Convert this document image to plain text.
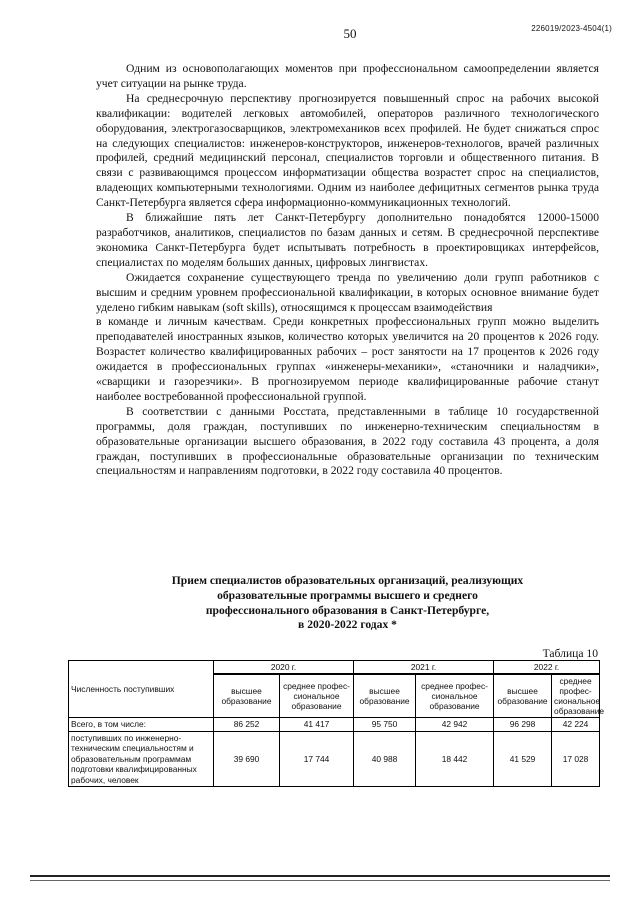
50	226019/2023-4504(1)

Одним из основополагающих моментов при профессиональном самоопределении является учет ситуации на рынке труда.

На среднесрочную перспективу прогнозируется повышенный спрос на рабочих высокой квалификации: водителей легковых автомобилей, операторов различного технологического оборудования, электрогазосварщиков, электромехаников всех профилей. Не будет снижаться спрос на следующих специалистов: инженеров-конструкторов, инженеров-технологов, врачей различных профилей, средний медицинский персонал, специалистов торговли и общественного питания. В связи с развивающимся процессом информатизации общества возрастет спрос на специалистов, владеющих компьютерными технологиями. Одним из наиболее дефицитных сегментов рынка труда Санкт-Петербурга является сфера информационно-коммуникационных технологий.

В ближайшие пять лет Санкт-Петербургу дополнительно понадобятся 12000-15000 разработчиков, аналитиков, специалистов по базам данных и сетям. В среднесрочной перспективе экономика Санкт-Петербурга будет испытывать потребность в проектировщиках интерфейсов, специалистах по моделям больших данных, цифровых лингвистах.

Ожидается сохранение существующего тренда по увеличению доли групп работников с высшим и средним уровнем профессиональной квалификации, в которых основное внимание будет уделено гибким навыкам (soft skills), относящимся к процессам взаимодействия

в команде и личным качествам. Среди конкретных профессиональных групп можно выделить преподавателей иностранных языков, количество которых увеличится на 20 процентов к 2026 году. Возрастет количество квалифицированных рабочих – рост занятости на 17 процентов к 2026 году ожидается в профессиональных группах «инженеры-механики», «станочники и наладчики», «сварщики и газорезчики». В прогнозируемом периоде квалифицированные рабочие станут наиболее востребованной профессиональной группой.

В соответствии с данными Росстата, представленными в таблице 10 государственной программы, доля граждан, поступивших по инженерно-техническим специальностям в образовательные организации высшего образования, в 2022 году составила 43 процента, а доля граждан, поступивших в профессиональные образовательные организации по техническим специальностям и направлениям подготовки, в 2022 году составила 40 процентов.

Прием специалистов образовательных организаций, реализующих
образовательные программы высшего и среднего
профессионального образования в Санкт-Петербурге,
в 2020-2022 годах *
Таблица 10
Численность поступивших	2020 г.		2021 г.		2022 г.	
	высшее образование	среднее профес-сиональное образование	высшее образование	среднее профес-сиональное образование	высшее образование	среднее профес-сиональное образование
Всего, в том числе:	86 252	41 417	95 750	42 942	96 298	42 224
поступивших по инженерно-техническим специальностям и образовательным программам подготовки квалифицированных рабочих, человек	39 690	17 744	40 988	18 442	41 529	17 028
